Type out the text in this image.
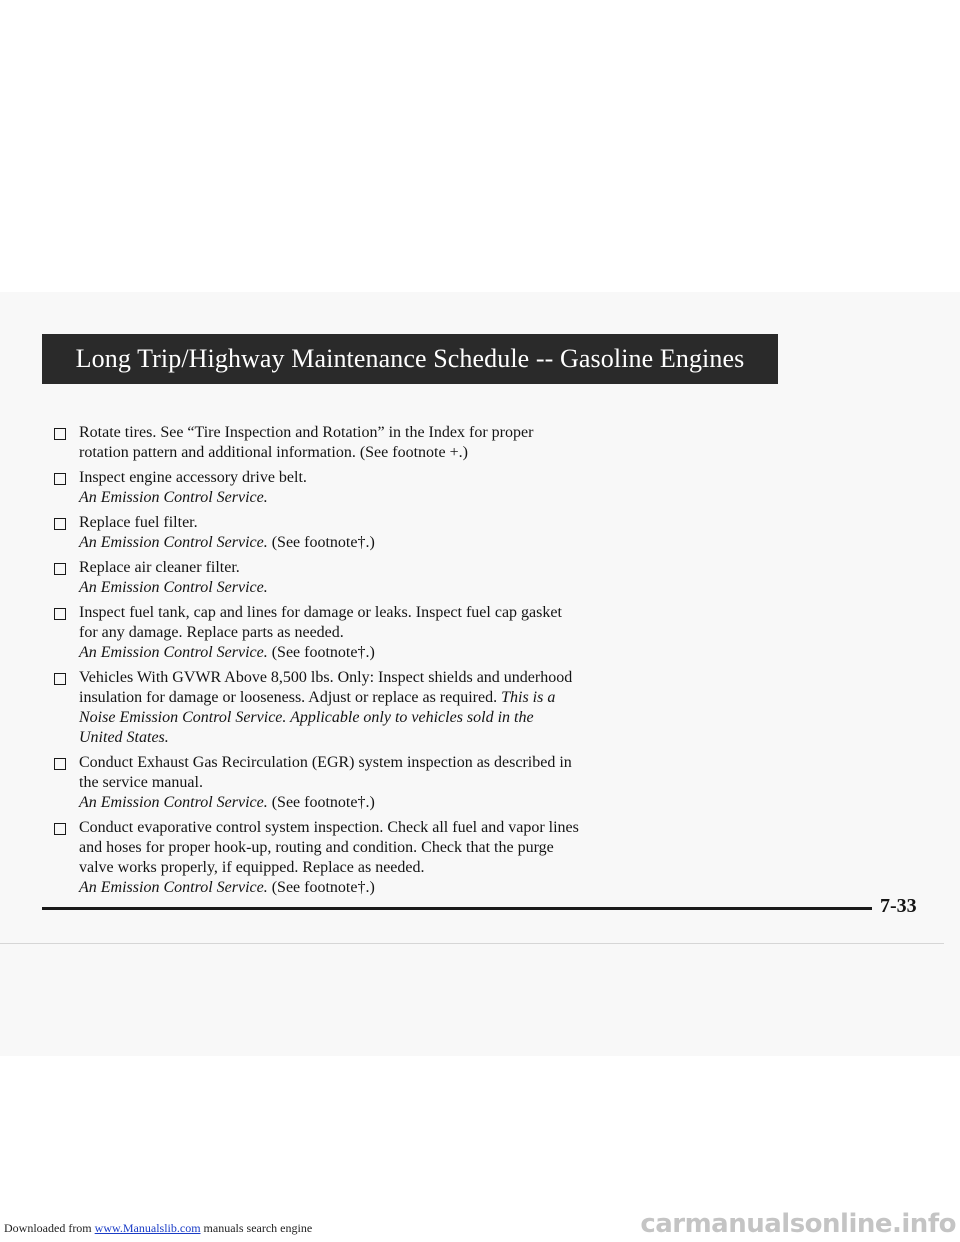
Long Trip/Highway Maintenance Schedule -- Gasoline Engines
Rotate tires. See “Tire Inspection and Rotation” in the Index for proper
rotation pattern and additional information. (See footnote +.)
Inspect engine accessory drive belt.
An Emission Control Service.
Replace fuel filter.
An Emission Control Service. (See footnote†.)
Replace air cleaner filter.
An Emission Control Service.
Inspect fuel tank, cap and lines for damage or leaks. Inspect fuel cap gasket
for any damage. Replace parts as needed.
An Emission Control Service. (See footnote†.)
Vehicles With GVWR Above 8,500 lbs. Only: Inspect shields and underhood
insulation for damage or looseness. Adjust or replace as required. This is a
Noise Emission Control Service. Applicable only to vehicles sold in the
United States.
Conduct Exhaust Gas Recirculation (EGR) system inspection as described in
the service manual.
An Emission Control Service. (See footnote†.)
Conduct evaporative control system inspection. Check all fuel and vapor lines
and hoses for proper hook-up, routing and condition. Check that the purge
valve works properly, if equipped. Replace as needed.
An Emission Control Service. (See footnote†.)
7-33
Downloaded from www.Manualslib.com manuals search engine	carmanualsonline.info
